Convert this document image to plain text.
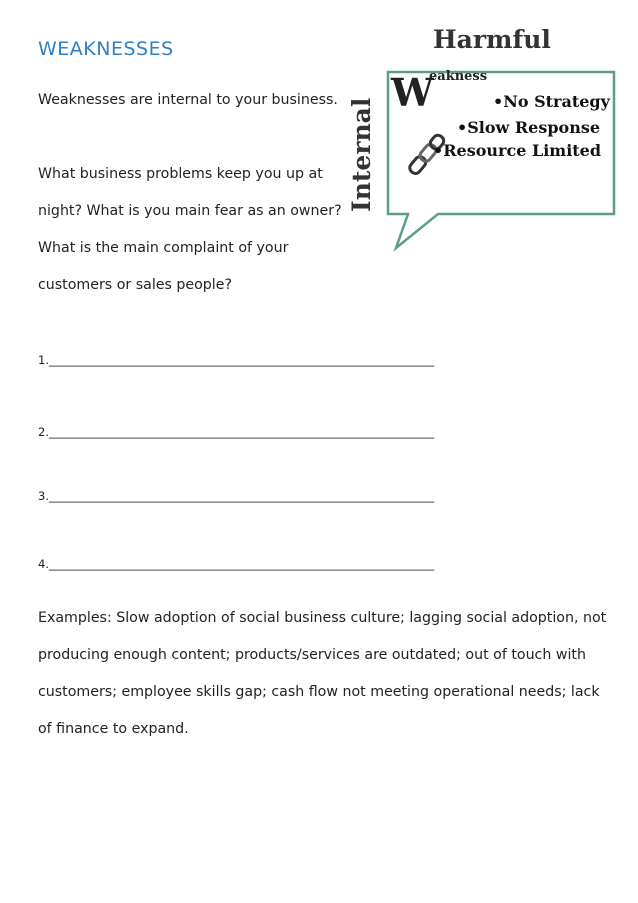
WEAKNESSES
Weaknesses are internal to your business.
What business problems keep you up at night? What is you main fear as an owner? What is the main complaint of your customers or sales people?
1.___________________________________________________________________
2.___________________________________________________________________
3.___________________________________________________________________
4.___________________________________________________________________
Examples: Slow adoption of social business culture; lagging social adoption, not producing enough content; products/services are outdated; out of touch with customers; employee skills gap; cash flow not meeting operational needs; lack of finance to expand.
Harmful
Internal
W
eakness
•No Strategy
•Slow Response
•Resource Limited
